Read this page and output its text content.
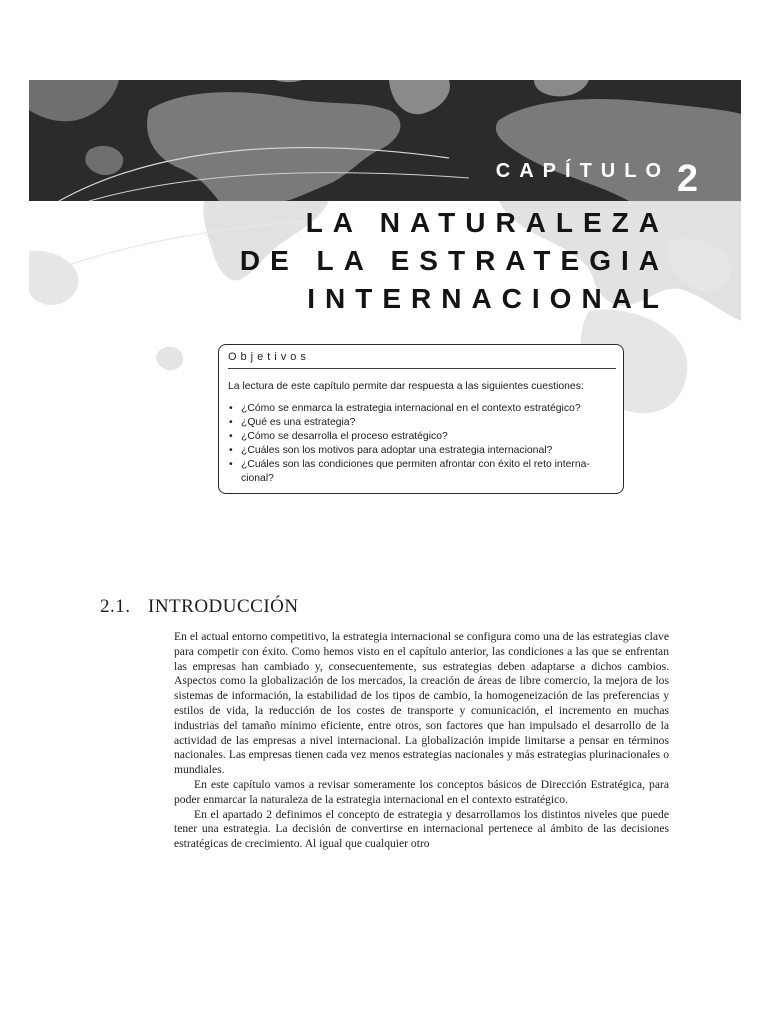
CAPÍTULO 2
LA NATURALEZA
DE LA ESTRATEGIA
INTERNACIONAL
Objetivos
La lectura de este capítulo permite dar respuesta a las siguientes cuestiones:
• ¿Cómo se enmarca la estrategia internacional en el contexto estratégico?
• ¿Qué es una estrategia?
• ¿Cómo se desarrolla el proceso estratégico?
• ¿Cuáles son los motivos para adoptar una estrategia internacional?
• ¿Cuáles son las condiciones que permiten afrontar con éxito el reto interna-
cional?
2.1. INTRODUCCIÓN

En el actual entorno competitivo, la estrategia internacional se configura como una de las estrategias clave para competir con éxito. Como hemos visto en el capítulo anterior, las condiciones a las que se enfrentan las empresas han cambiado y, consecuentemente, sus estrategias deben adaptarse a dichos cambios. Aspectos como la globalización de los mercados, la creación de áreas de libre comercio, la mejora de los sistemas de información, la estabilidad de los tipos de cambio, la homogeneización de las preferencias y estilos de vida, la reducción de los costes de transporte y comunicación, el incremento en muchas industrias del tamaño mínimo eficiente, entre otros, son factores que han impulsado el desarrollo de la actividad de las empresas a nivel internacional. La globalización impide limitarse a pensar en términos nacionales. Las empresas tienen cada vez menos estrategias nacionales y más estrategias plurinacionales o mundiales.

En este capítulo vamos a revisar someramente los conceptos básicos de Dirección Estratégica, para poder enmarcar la naturaleza de la estrategia internacional en el contexto estratégico.

En el apartado 2 definimos el concepto de estrategia y desarrollamos los distintos niveles que puede tener una estrategia. La decisión de convertirse en internacional pertenece al ámbito de las decisiones estratégicas de crecimiento. Al igual que cualquier otro
